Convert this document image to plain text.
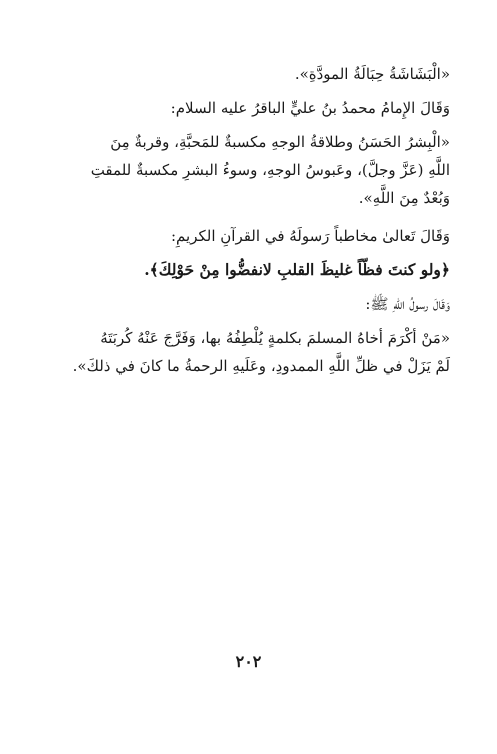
«الْبَشَاشَةُ حِبَالَةُ المودَّةِ».

وَقَالَ الإِمامُ محمدُ بنُ عليٍّ الباقرُ عليه السلام:

«الْبِشرُ الحَسَنُ وطلاقةُ الوجهِ مكسبةٌ للمَحبَّةِ، وقربةٌ مِنَ

اللَّهِ (عَزَّ وجلَّ)، وعَبوسُ الوجهِ، وسوءُ البشرِ مكسبةٌ للمقتِ

وَبُعْدٌ مِنَ اللَّهِ».

وَقَالَ تَعالىٰ مخاطباً رَسولَهُ في القرآنِ الكريمِ:

﴿ولو كنتَ فظّاً غليظَ القلبِ لانفضُّوا مِنْ حَوْلِكَ﴾.

وَقَالَ رسولُ اللهِ ﷺ:

«مَنْ أكْرَمَ أخاهُ المسلمَ بكلمةٍ يُلْطِفُهُ بها، وَفَرَّجَ عَنْهُ كُربَتَهُ

لَمْ يَزَلْ في ظلِّ اللَّهِ الممدودِ، وعَلَيهِ الرحمةُ ما كانَ في ذلكَ».

٢٠٢
